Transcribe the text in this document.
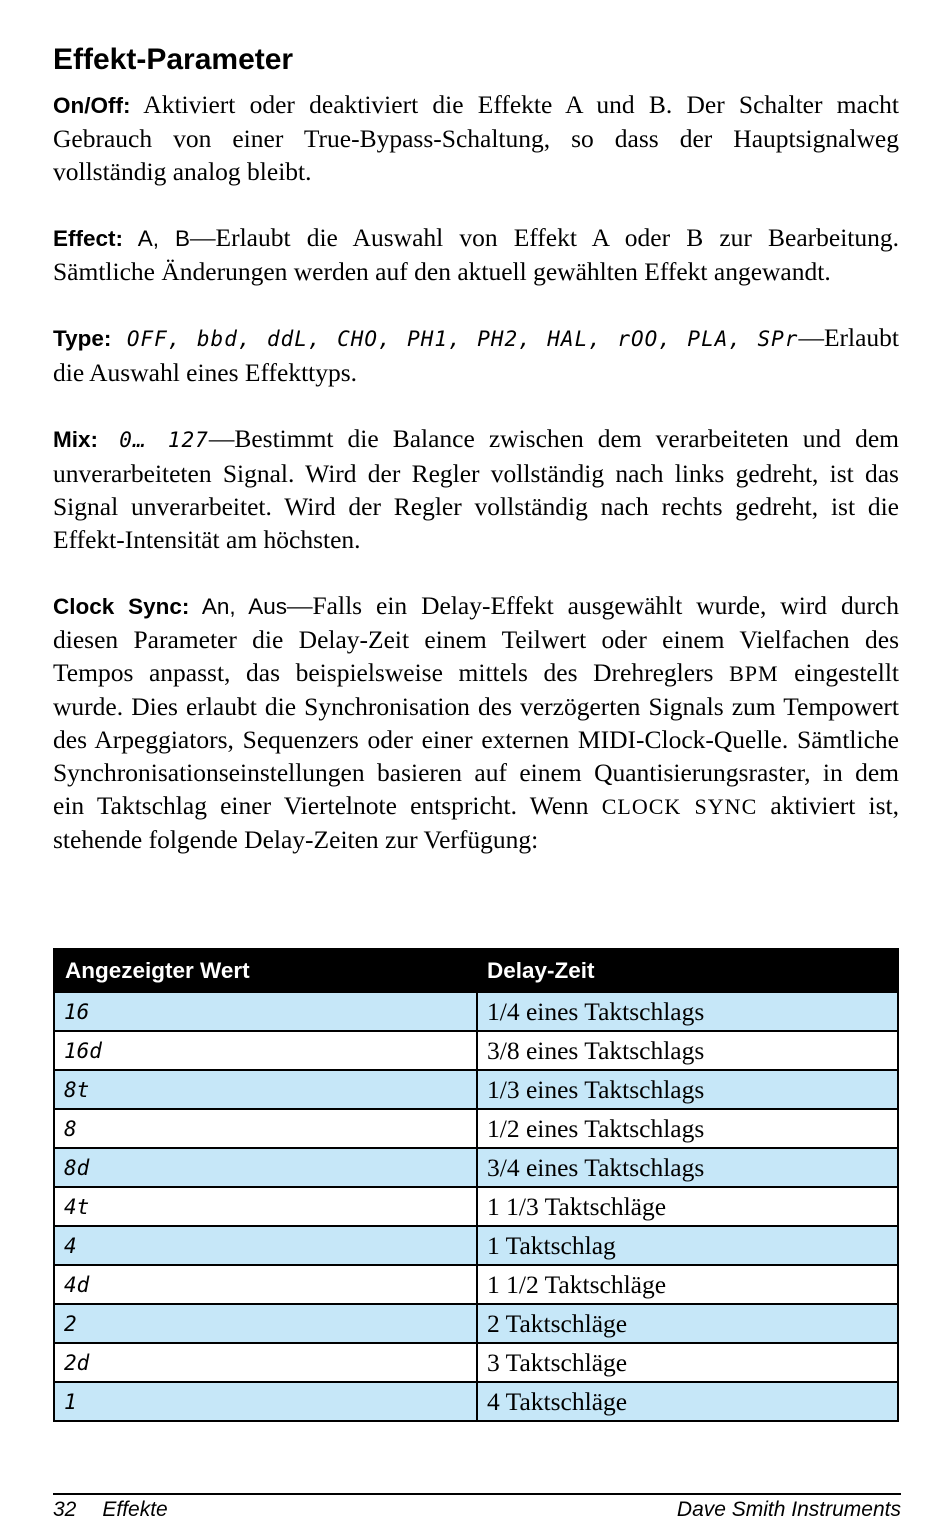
Effekt-Parameter

On/Off: Aktiviert oder deaktiviert die Effekte A und B. Der Schalter macht Gebrauch von einer True-Bypass-Schaltung, so dass der Hauptsignalweg vollständig analog bleibt.

Effect: A, B—Erlaubt die Auswahl von Effekt A oder B zur Bearbeitung. Sämtliche Änderungen werden auf den aktuell gewählten Effekt angewandt.

Type: OFF, bbd, ddL, CHO, PH1, PH2, HAL, rOO, PLA, SPr—Erlaubt die Auswahl eines Effekttyps.

Mix: 0… 127—Bestimmt die Balance zwischen dem verarbeiteten und dem unverarbeiteten Signal. Wird der Regler vollständig nach links gedreht, ist das Signal unverarbeitet. Wird der Regler vollständig nach rechts gedreht, ist die Effekt-Intensität am höchsten.

Clock Sync: An, Aus—Falls ein Delay-Effekt ausgewählt wurde, wird durch diesen Parameter die Delay-Zeit einem Teilwert oder einem Vielfachen des Tempos anpasst, das beispielsweise mittels des Drehreglers BPM eingestellt wurde. Dies erlaubt die Synchronisation des verzögerten Signals zum Tempowert des Arpeggiators, Sequenzers oder einer externen MIDI-Clock-Quelle. Sämtliche Synchronisationseinstellungen basieren auf einem Quantisierungsraster, in dem ein Taktschlag einer Viertelnote entspricht. Wenn CLOCK SYNC aktiviert ist, stehende folgende Delay-Zeiten zur Verfügung:

Angezeigter Wert	Delay-Zeit
16	1/4 eines Taktschlags
16d	3/8 eines Taktschlags
8t	1/3 eines Taktschlags
8	1/2 eines Taktschlags
8d	3/4 eines Taktschlags
4t	1 1/3 Taktschläge
4	1 Taktschlag
4d	1 1/2 Taktschläge
2	2 Taktschläge
2d	3 Taktschläge
1	4 Taktschläge
32 Effekte	Dave Smith Instruments
